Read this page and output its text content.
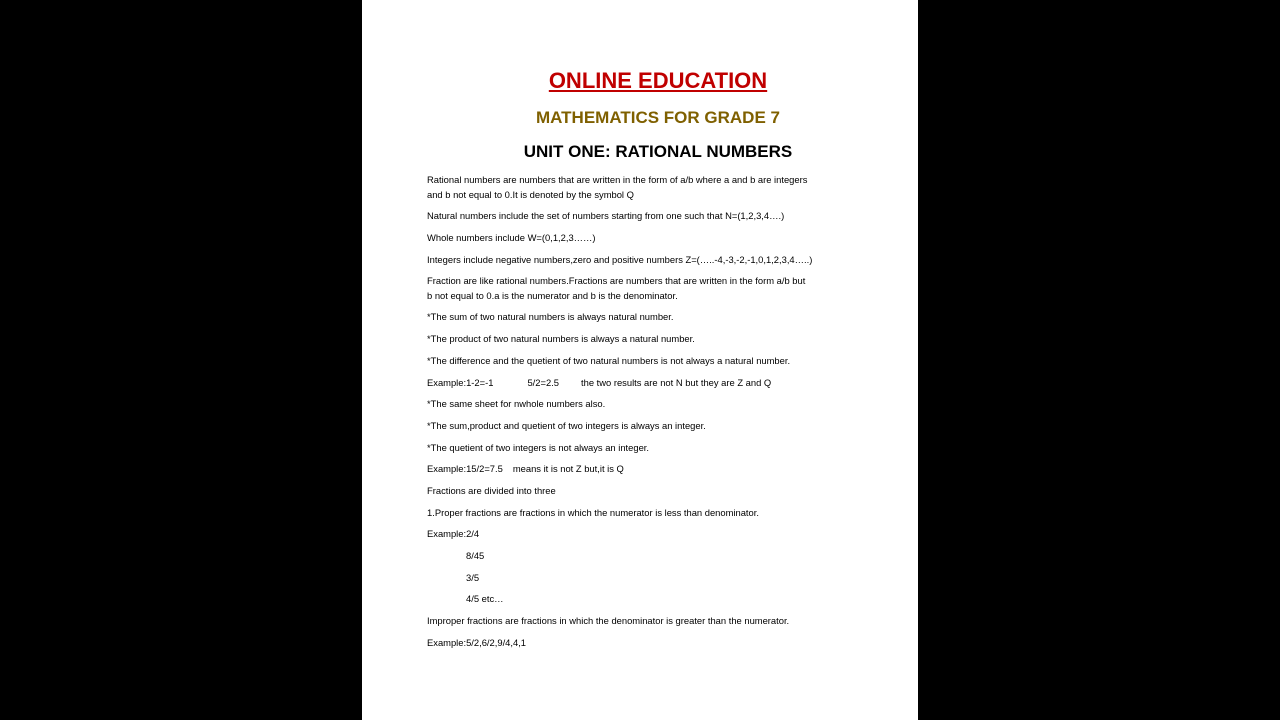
ONLINE EDUCATION
MATHEMATICS FOR GRADE 7
UNIT ONE: RATIONAL NUMBERS
Rational numbers are numbers that are written in the form of a/b where a and b are integers
and b not equal to 0.It is denoted by the symbol Q
Natural numbers include the set of numbers starting from one such that N=(1,2,3,4….)
Whole numbers include W=(0,1,2,3……)
Integers include negative numbers,zero and positive numbers Z=(…..-4,-3,-2,-1,0,1,2,3,4…..)
Fraction are like rational numbers.Fractions are numbers that are written in the form a/b but
b not equal to 0.a is the numerator and b is the denominator.
*The sum of two natural numbers is always natural number.
*The product of two natural numbers is always a natural number.
*The difference and the quetient of two natural numbers is not always a natural number.
Example:1-2=-1	5/2=2.5 the two results are not N but they are Z and Q
*The same sheet for nwhole numbers also.
*The sum,product and quetient of two integers is always an integer.
*The quetient of two integers is not always an integer.
Example:15/2=7.5 means it is not Z but,it is Q
Fractions are divided into three
1.Proper fractions are fractions in which the numerator is less than denominator.
Example:2/4
8/45
3/5
4/5 etc…
Improper fractions are fractions in which the denominator is greater than the numerator.
Example:5/2,6/2,9/4,4,1
